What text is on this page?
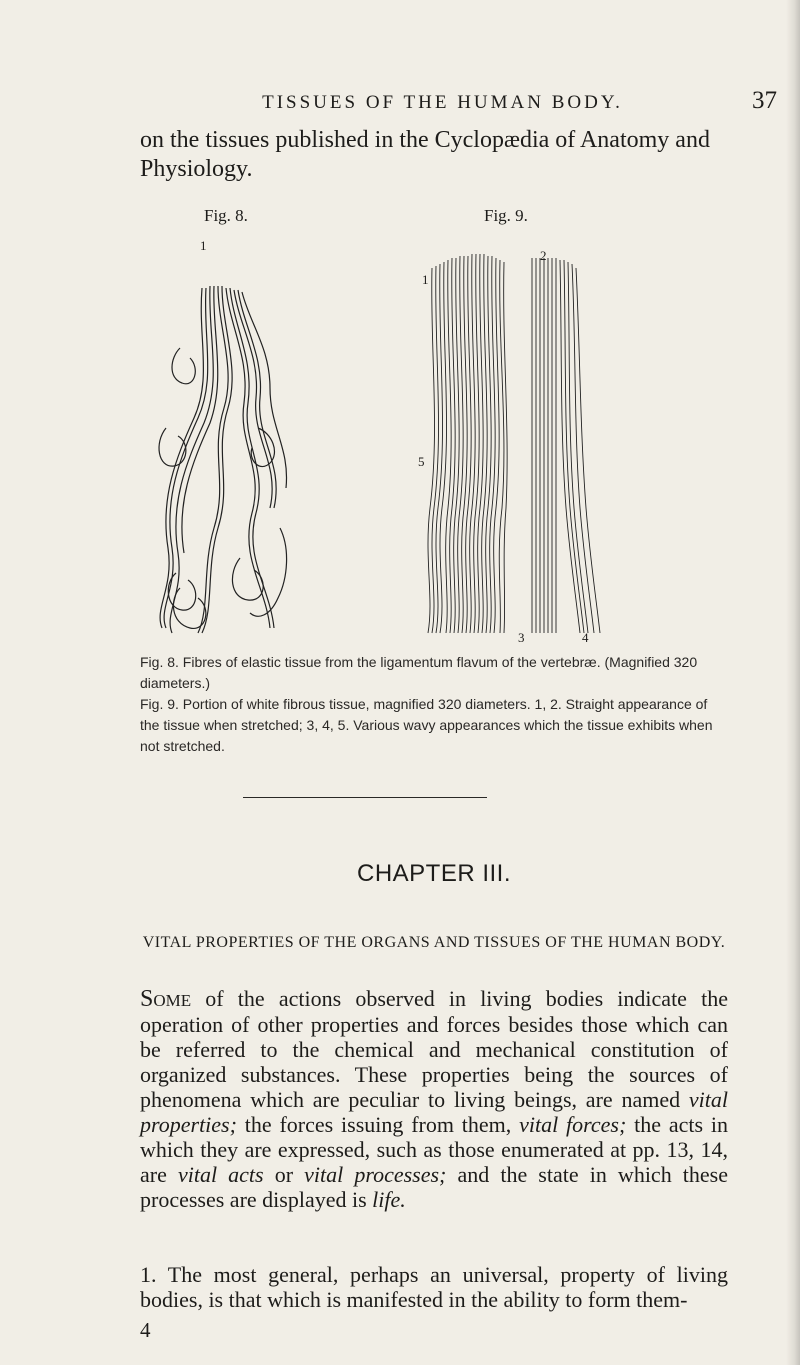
TISSUES OF THE HUMAN BODY.	37

on the tissues published in the Cyclopædia of Anatomy and Physiology.

Fig. 8.	Fig. 9.
1
1
2
5
3	4

Fig. 8. Fibres of elastic tissue from the ligamentum flavum of the vertebræ. (Magnified 320 diameters.)

Fig. 9. Portion of white fibrous tissue, magnified 320 diameters. 1, 2. Straight appearance of the tissue when stretched; 3, 4, 5. Various wavy appearances which the tissue exhibits when not stretched.

CHAPTER III.

VITAL PROPERTIES OF THE ORGANS AND TISSUES OF THE HUMAN BODY.

Some of the actions observed in living bodies indicate the operation of other properties and forces besides those which can be referred to the chemical and mechanical constitution of organized substances. These properties being the sources of phenomena which are peculiar to living beings, are named vital properties; the forces issuing from them, vital forces; the acts in which they are expressed, such as those enumerated at pp. 13, 14, are vital acts or vital processes; and the state in which these processes are displayed is life.

1. The most general, perhaps an universal, property of living bodies, is that which is manifested in the ability to form them-

4
